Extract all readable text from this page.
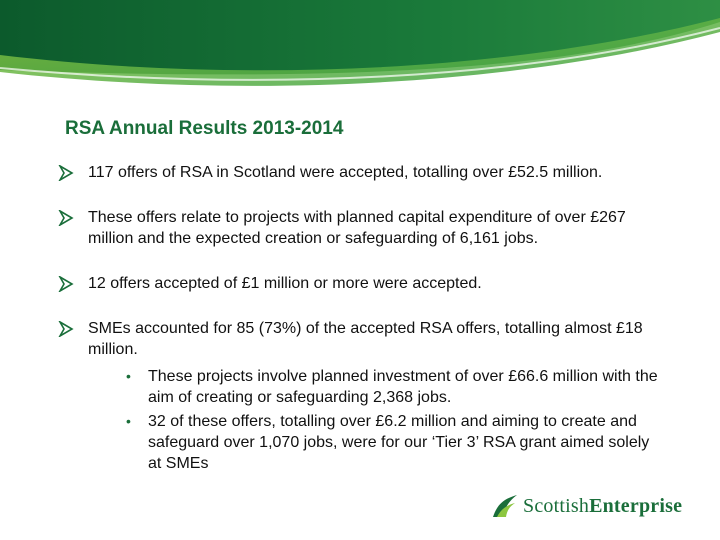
RSA Annual Results 2013-2014
117 offers of RSA in Scotland were accepted, totalling over £52.5 million.
These offers relate to projects with planned capital expenditure of over £267 million and the expected creation or safeguarding of 6,161 jobs.
12 offers accepted of £1 million or more were accepted.
SMEs accounted for 85 (73%) of the accepted RSA offers, totalling almost £18 million.
• These projects involve planned investment of over £66.6 million with the aim of creating or safeguarding 2,368 jobs.
• 32 of these offers, totalling over £6.2 million and aiming to create and safeguard over 1,070 jobs, were for our ‘Tier 3’ RSA grant aimed solely at SMEs
ScottishEnterprise
